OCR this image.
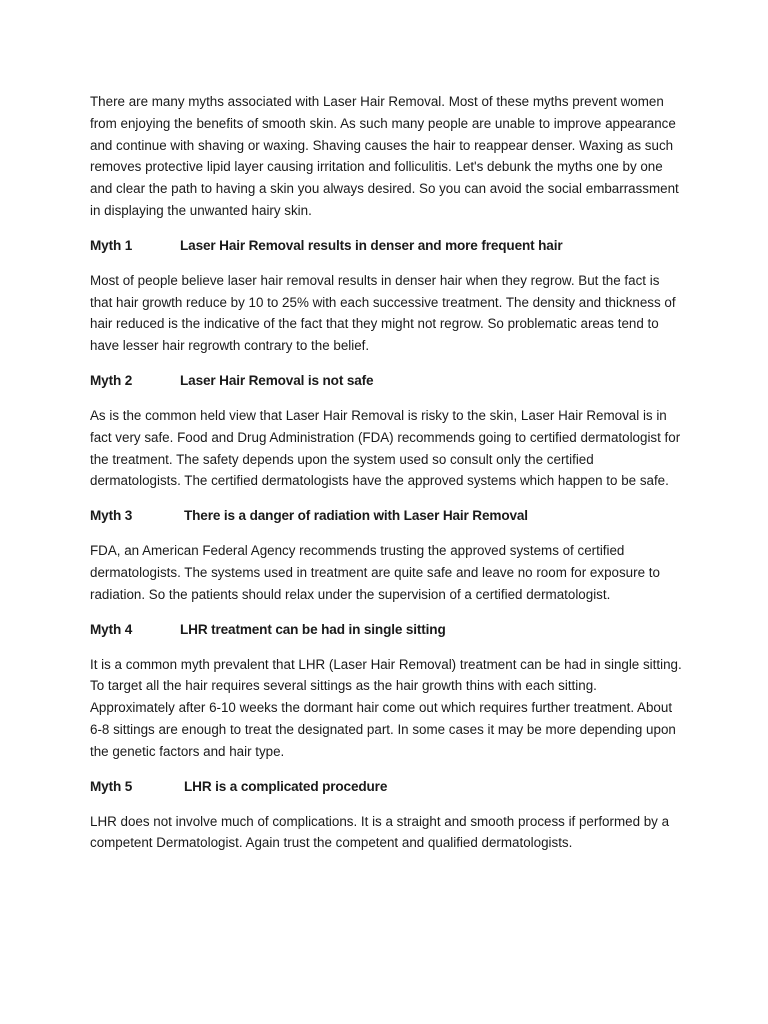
There are many myths associated with Laser Hair Removal. Most of these myths prevent women from enjoying the benefits of smooth skin. As such many people are unable to improve appearance and continue with shaving or waxing. Shaving causes the hair to reappear denser. Waxing as such removes protective lipid layer causing irritation and folliculitis. Let's debunk the myths one by one and clear the path to having a skin you always desired. So you can avoid the social embarrassment in displaying the unwanted hairy skin.

Myth 1	Laser Hair Removal results in denser and more frequent hair

Most of people believe laser hair removal results in denser hair when they regrow. But the fact is that hair growth reduce by 10 to 25% with each successive treatment. The density and thickness of hair reduced is the indicative of the fact that they might not regrow. So problematic areas tend to have lesser hair regrowth contrary to the belief.

Myth 2	Laser Hair Removal is not safe

As is the common held view that Laser Hair Removal is risky to the skin, Laser Hair Removal is in fact very safe. Food and Drug Administration (FDA) recommends going to certified dermatologist for the treatment. The safety depends upon the system used so consult only the certified dermatologists. The certified dermatologists have the approved systems which happen to be safe.

Myth 3	There is a danger of radiation with Laser Hair Removal

FDA, an American Federal Agency recommends trusting the approved systems of certified dermatologists. The systems used in treatment are quite safe and leave no room for exposure to radiation. So the patients should relax under the supervision of a certified dermatologist.

Myth 4	LHR treatment can be had in single sitting

It is a common myth prevalent that LHR (Laser Hair Removal) treatment can be had in single sitting. To target all the hair requires several sittings as the hair growth thins with each sitting. Approximately after 6-10 weeks the dormant hair come out which requires further treatment. About 6-8 sittings are enough to treat the designated part. In some cases it may be more depending upon the genetic factors and hair type.

Myth 5	LHR is a complicated procedure

LHR does not involve much of complications. It is a straight and smooth process if performed by a competent Dermatologist. Again trust the competent and qualified dermatologists.
